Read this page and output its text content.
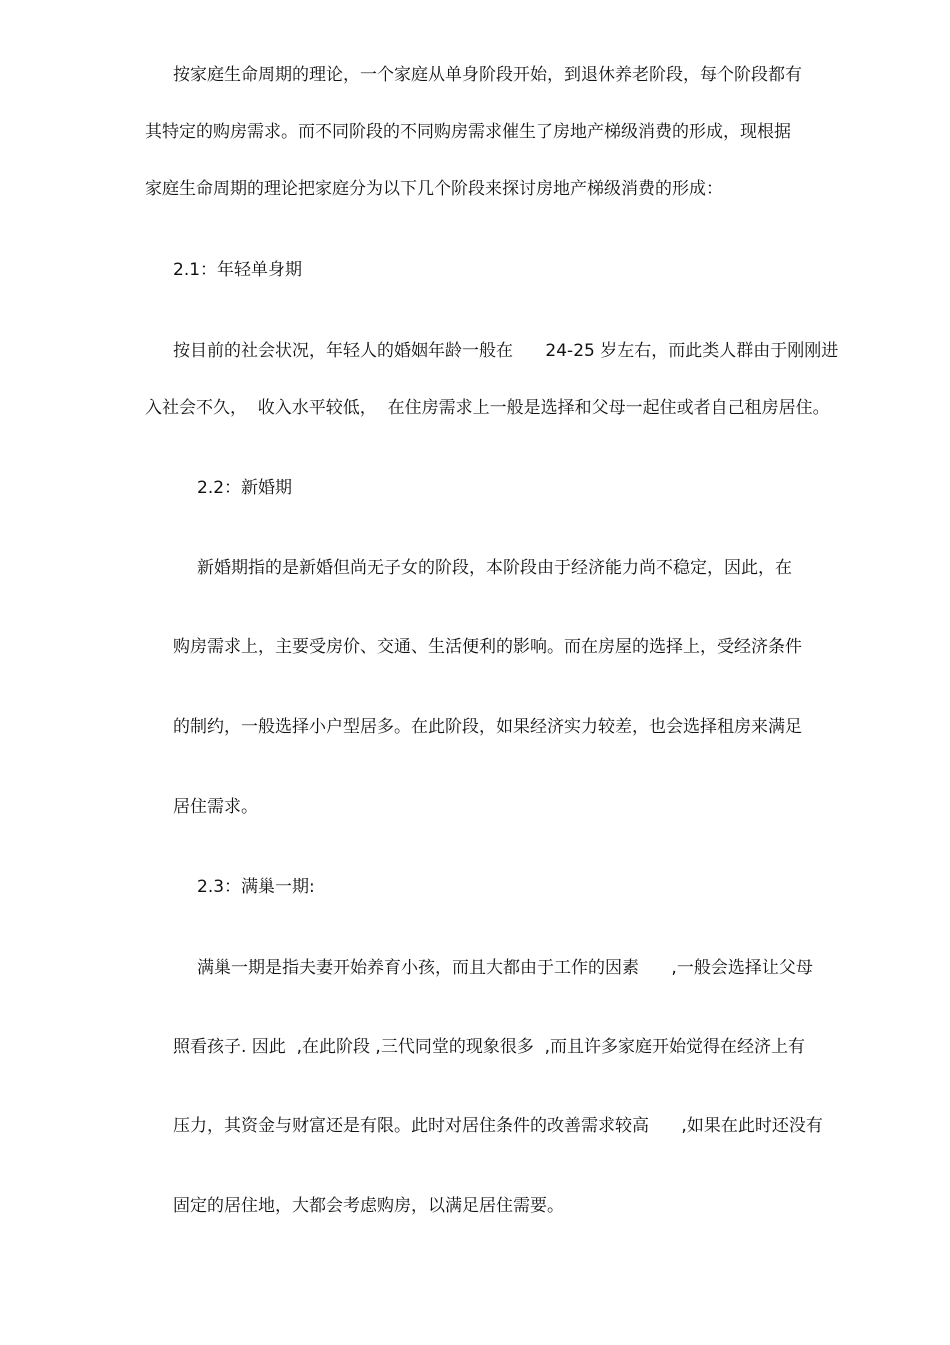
按家庭生命周期的理论，一个家庭从单身阶段开始，到退休养老阶段，每个阶段都有
其特定的购房需求。而不同阶段的不同购房需求催生了房地产梯级消费的形成，现根据
家庭生命周期的理论把家庭分为以下几个阶段来探讨房地产梯级消费的形成：
2.1：年轻单身期
按目前的社会状况，年轻人的婚姻年龄一般在      24-25 岁左右，而此类人群由于刚刚进
入社会不久，  收入水平较低，  在住房需求上一般是选择和父母一起住或者自己租房居住。
2.2：新婚期
新婚期指的是新婚但尚无子女的阶段，本阶段由于经济能力尚不稳定，因此，在
购房需求上，主要受房价、交通、生活便利的影响。而在房屋的选择上，受经济条件
的制约，一般选择小户型居多。在此阶段，如果经济实力较差，也会选择租房来满足
居住需求。
2.3：满巢一期:
满巢一期是指夫妻开始养育小孩，而且大都由于工作的因素      ,一般会选择让父母
照看孩子. 因此  ,在此阶段 ,三代同堂的现象很多  ,而且许多家庭开始觉得在经济上有
压力，其资金与财富还是有限。此时对居住条件的改善需求较高      ,如果在此时还没有
固定的居住地，大都会考虑购房，以满足居住需要。
